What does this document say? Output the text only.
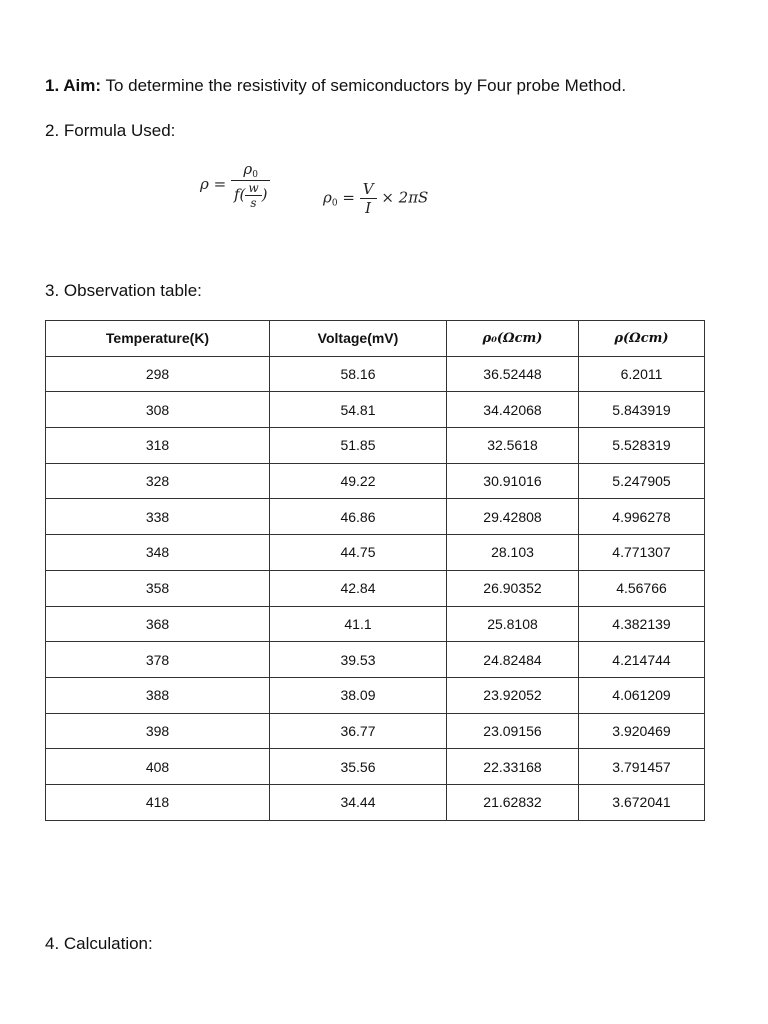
1. Aim: To determine the resistivity of semiconductors by Four probe Method.

2. Formula Used:

$\rho = \frac{\rho_0}{f( \frac{w}{s} )}$	$\rho_0 = \frac{V}{I} \times 2\pi S$

3. Observation table:

Temperature(K)	Voltage(mV)	ρ₀(Ωcm)	ρ(Ωcm)
298	58.16	36.52448	6.2011
308	54.81	34.42068	5.843919
318	51.85	32.5618	5.528319
328	49.22	30.91016	5.247905
338	46.86	29.42808	4.996278
348	44.75	28.103	4.771307
358	42.84	26.90352	4.56766
368	41.1	25.8108	4.382139
378	39.53	24.82484	4.214744
388	38.09	23.92052	4.061209
398	36.77	23.09156	3.920469
408	35.56	22.33168	3.791457
418	34.44	21.62832	3.672041

4. Calculation:
